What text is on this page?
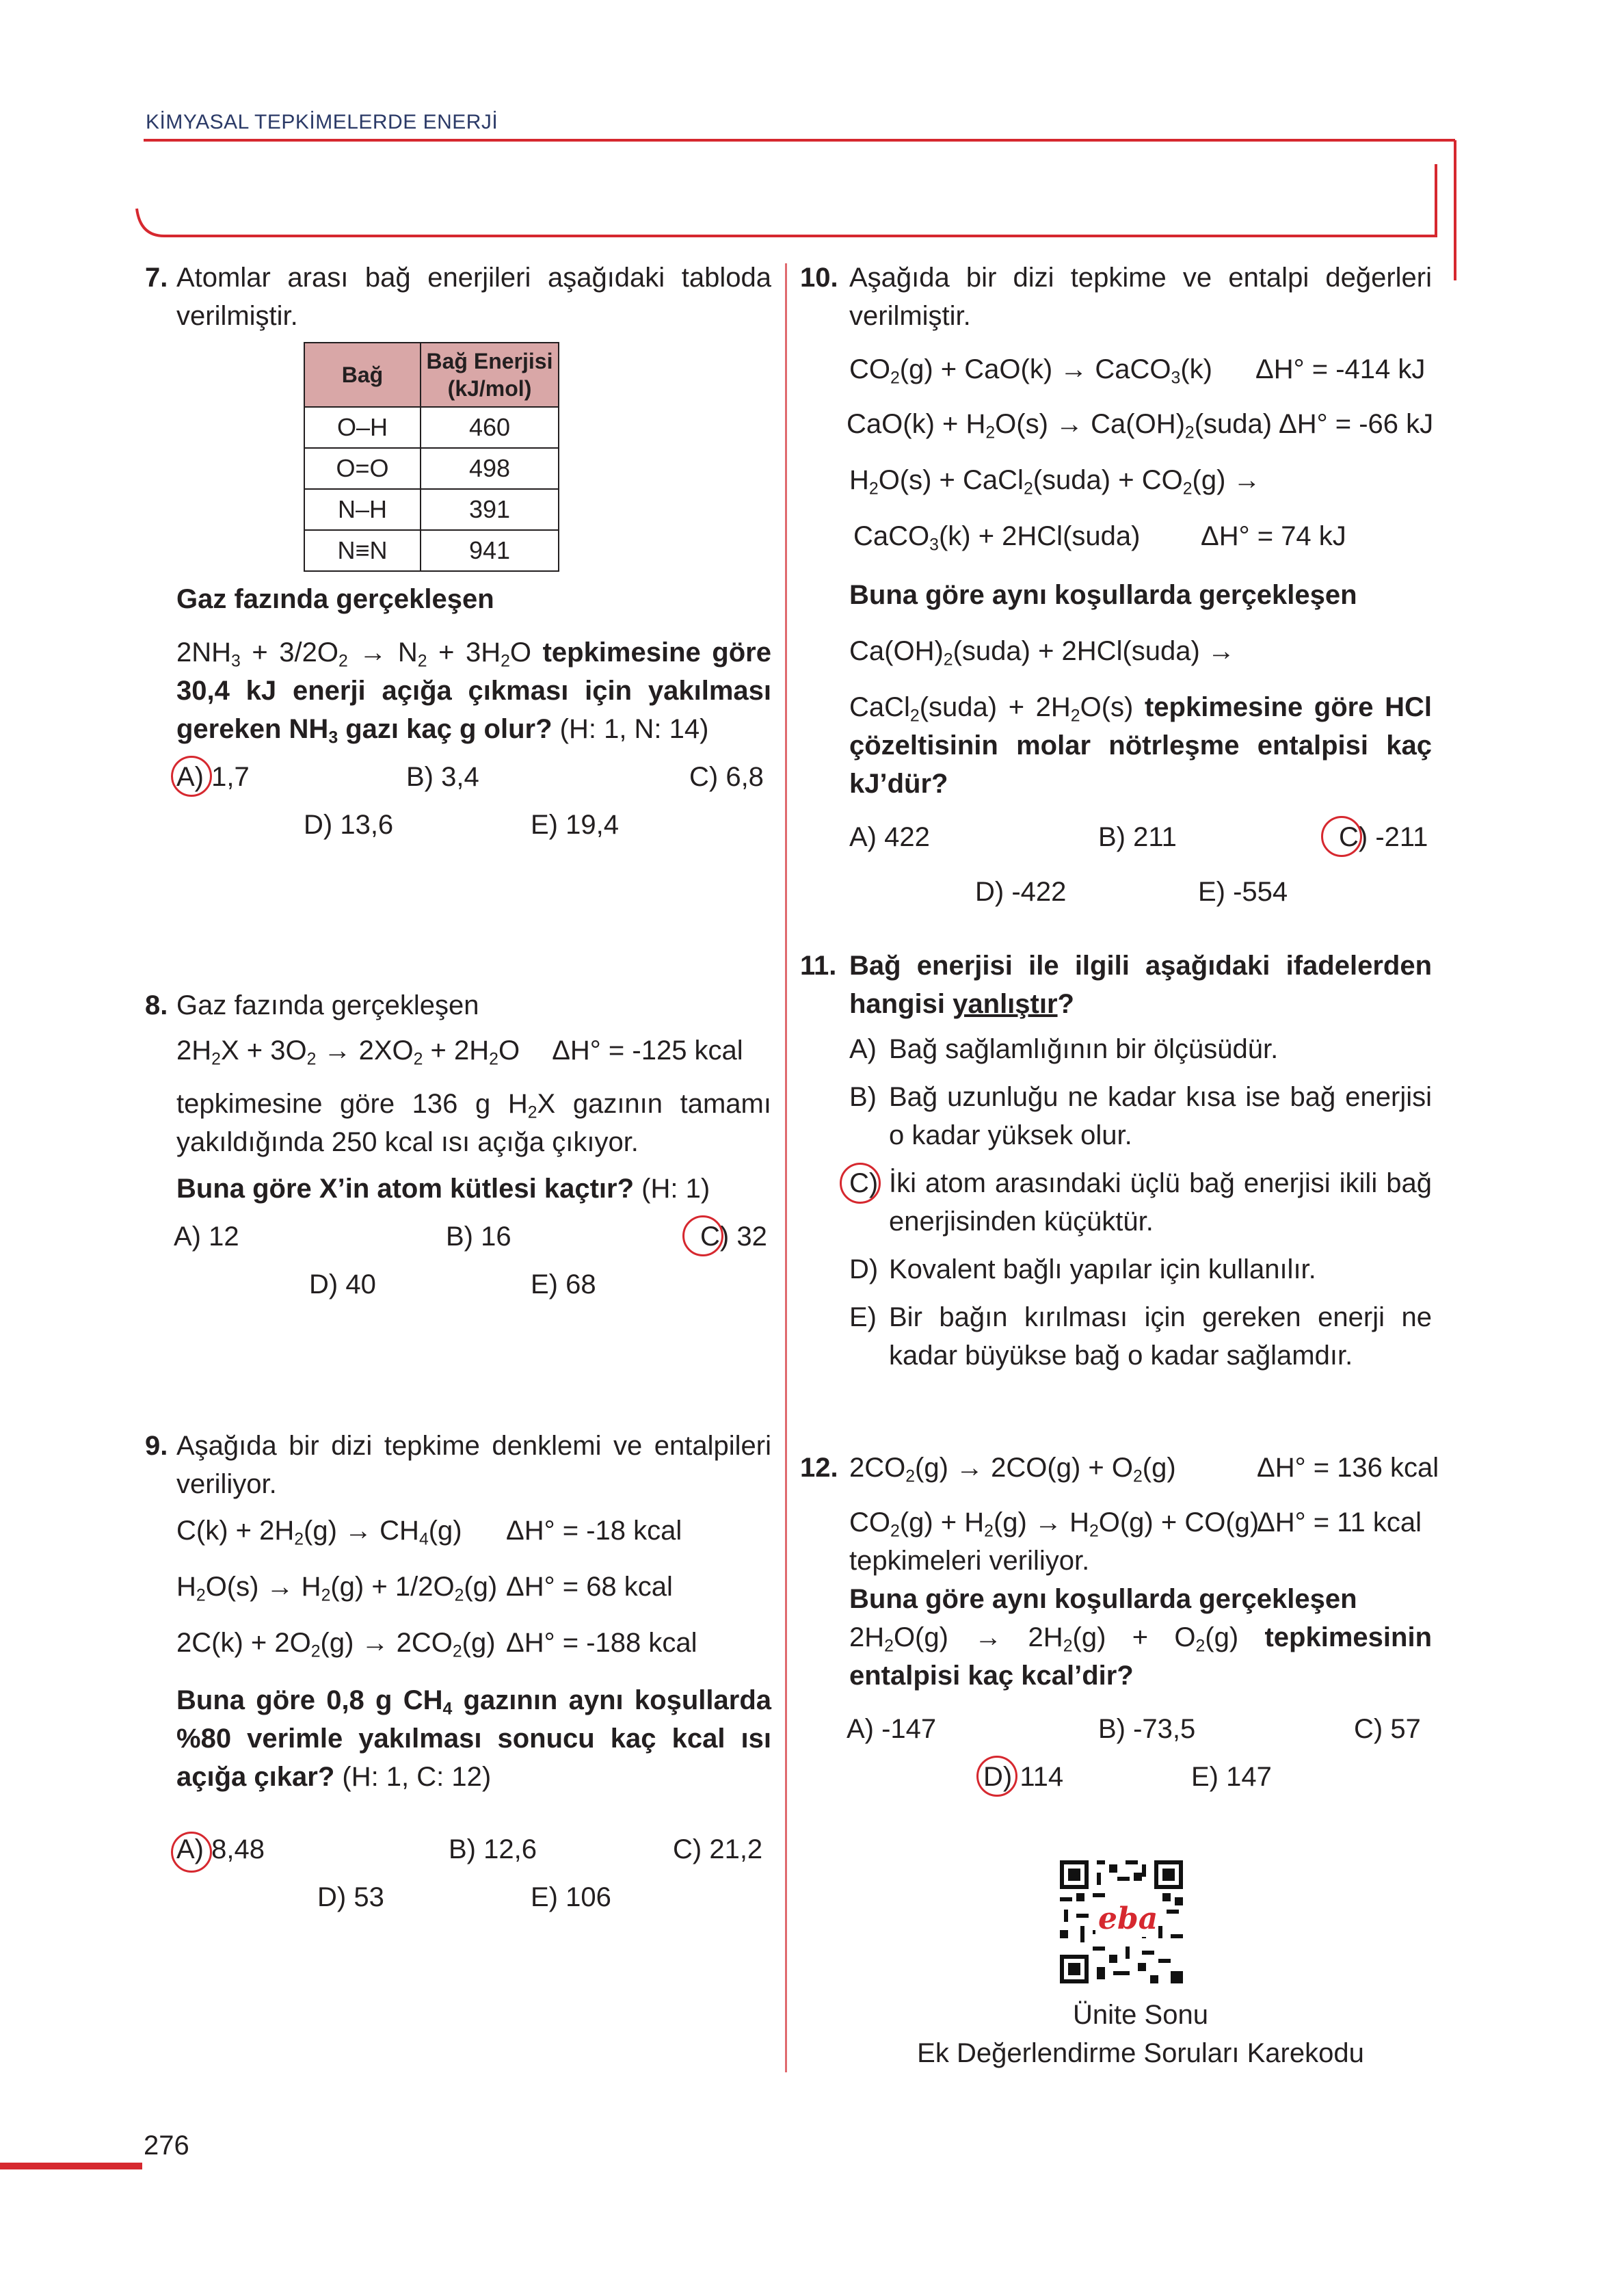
KİMYASAL TEPKİMELERDE ENERJİ
276
7. Atomlar arası bağ enerjileri aşağıdaki tabloda verilmiştir.

Bağ	Bağ Enerjisi (kJ/mol)
O–H	460
O=O	498
N–H	391
N≡N	941

Gaz fazında gerçekleşen

$2NH_3 + 3/2O_2 \to N_2 + 3H_2O$ tepkimesine göre 30,4 kJ enerji açığa çıkması için yakılması gereken $NH_3$ gazı kaç g olur? (H: 1, N: 14)

A) 1,7	B) 3,4	C) 6,8
D) 13,6	E) 19,4
8. Gaz fazında gerçekleşen

$2H_2X + 3O_2 \to 2XO_2 + 2H_2O$ ΔH° = -125 kcal

tepkimesine göre 136 g $H_2X$ gazının tamamı yakıldığında 250 kcal ısı açığa çıkıyor.

Buna göre X’in atom kütlesi kaçtır? (H: 1)

A) 12	B) 16	C) 32
D) 40	E) 68
9. Aşağıda bir dizi tepkime denklemi ve entalpileri veriliyor.

$C(k) + 2H_2(g) \to CH_4(g) \Delta H^\circ = -18$ kcal
$H_2O(s) \to H_2(g) + 1/2O_2(g) \Delta H^\circ = 68$ kcal
$2C(k) + 2O_2(g) \to 2CO_2(g) \Delta H^\circ = -188$ kcal

Buna göre 0,8 g $CH_4$ gazının aynı koşullarda %80 verimle yakılması sonucu kaç kcal ısı açığa çıkar? (H: 1, C: 12)

A) 8,48	B) 12,6	C) 21,2
D) 53	E) 106
10. Aşağıda bir dizi tepkime ve entalpi değerleri verilmiştir.

$CO_2(g) + CaO(k)$ → CaCO$_3$(k) ΔH° = -414 kJ
$CaO(k) + H_2O(s)$ → $Ca(OH)_2(suda) \Delta H^\circ = -66$ kJ
$H_2O(s)$ + CaCl$_2$(suda) + $CO_2(g)$ →
CaCO$_3$(k) + 2HCl(suda) ΔH° = 74 kJ

Buna göre aynı koşullarda gerçekleşen

$Ca(OH)_2(suda)$ + 2HCl(suda) →

CaCl$_2$(suda) + $2H_2O(s)$ tepkimesine göre HCl çözeltisinin molar nötrleşme entalpisi kaç kJ’dür?

A) 422	B) 211	C) -211
D) -422	E) -554
11. Bağ enerjisi ile ilgili aşağıdaki ifadelerden hangisi yanlıştır?

A) Bağ sağlamlığının bir ölçüsüdür.
B) Bağ uzunluğu ne kadar kısa ise bağ enerjisi o kadar yüksek olur.
C) İki atom arasındaki üçlü bağ enerjisi ikili bağ enerjisinden küçüktür.
D) Kovalent bağlı yapılar için kullanılır.
E) Bir bağın kırılması için gereken enerji ne kadar büyükse bağ o kadar sağlamdır.
12. $2CO_2(g) \to 2CO(g) + O_2(g)$	ΔH° = 136 kcal
$CO_2(g) + H_2(g) \to H_2O(g) + CO(g)$
ΔH° = 11 kcal

tepkimeleri veriliyor.

Buna göre aynı koşullarda gerçekleşen

$2H_2O(g) \to 2H_2(g) + O_2(g)$ tepkimesinin entalpisi kaç kcal’dir?

A) -147	B) -73,5	C) 57
D) 114	E) 147
eba
Ünite Sonu
Ek Değerlendirme Soruları Karekodu
